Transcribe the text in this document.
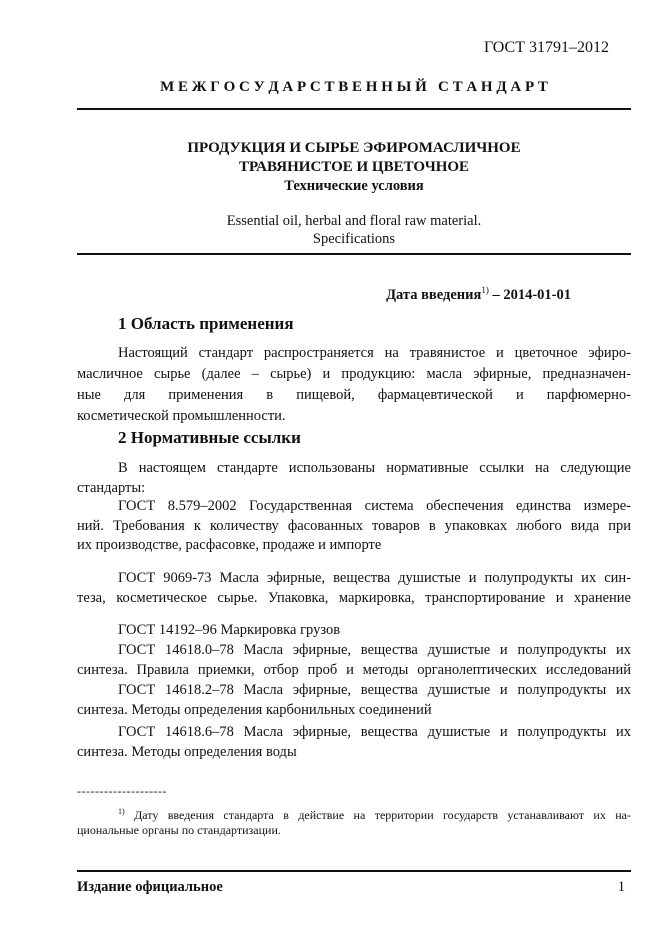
ГОСТ 31791–2012
М Е Ж Г О С У Д А Р С Т В Е Н Н Ы Й   С Т А Н Д А Р Т
ПРОДУКЦИЯ И СЫРЬЕ ЭФИРОМАСЛИЧНОЕ
ТРАВЯНИСТОЕ И ЦВЕТОЧНОЕ
Технические условия
Essential oil, herbal and floral raw material.
Specifications
Дата введения$^{1)}$ – 2014-01-01
1 Область применения
Настоящий стандарт распространяется на травянистое и цветочное эфиро-
масличное сырье (далее – сырье) и продукцию: масла эфирные, предназначен-
ные для применения в пищевой, фармацевтической и парфюмерно-
косметической промышленности.
2 Нормативные ссылки
В настоящем стандарте использованы нормативные ссылки на следующие
стандарты:
ГОСТ 8.579–2002 Государственная система обеспечения единства измере-
ний. Требования к количеству фасованных товаров в упаковках любого вида при
их производстве, расфасовке, продаже и импорте
ГОСТ 9069-73 Масла эфирные, вещества душистые и полупродукты их син-
теза, косметическое сырье. Упаковка, маркировка, транспортирование и хранение
ГОСТ 14192–96 Маркировка грузов
ГОСТ 14618.0–78 Масла эфирные, вещества душистые и полупродукты их
синтеза. Правила приемки, отбор проб и методы органолептических исследований
ГОСТ 14618.2–78 Масла эфирные, вещества душистые и полупродукты их
синтеза. Методы определения карбонильных соединений
ГОСТ 14618.6–78 Масла эфирные, вещества душистые и полупродукты их
синтеза. Методы определения воды
--------------------
$^{1)}$ Дату введения стандарта в действие на территории государств устанавливают их на-
циональные органы по стандартизации.
Издание официальное	1
